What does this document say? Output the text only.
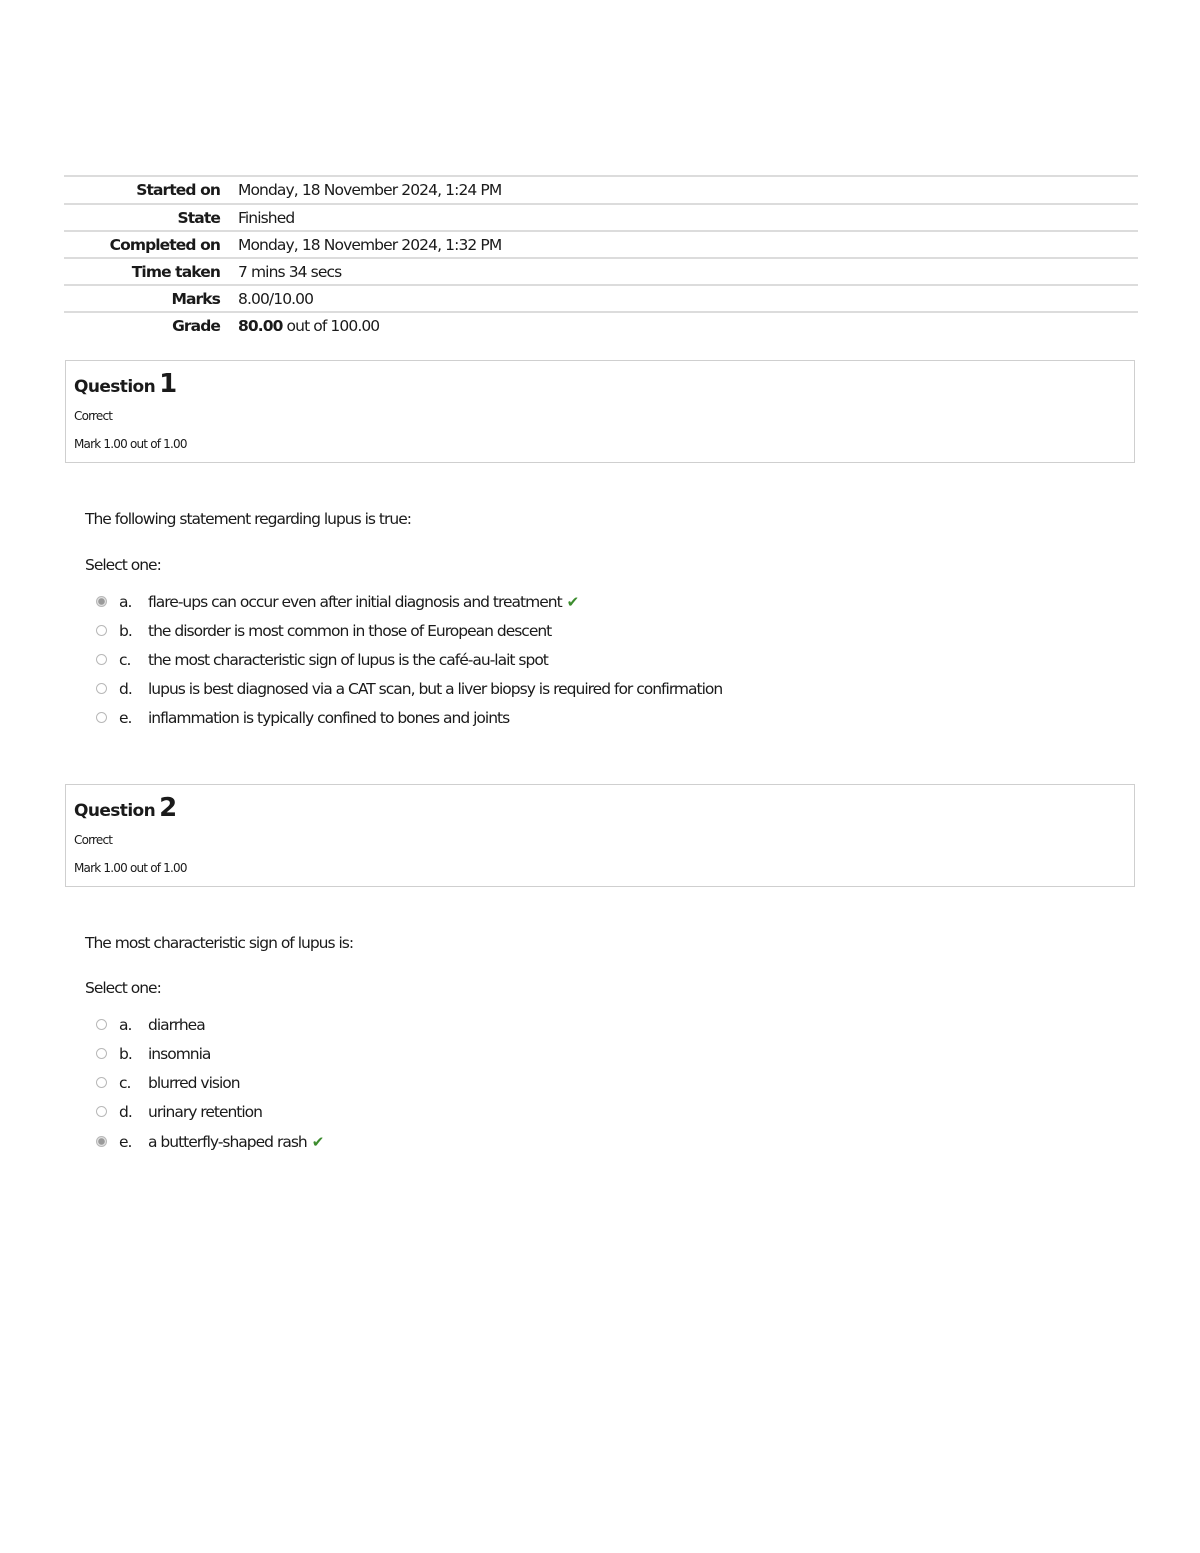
Started on	Monday, 18 November 2024, 1:24 PM
State	Finished
Completed on	Monday, 18 November 2024, 1:32 PM
Time taken	7 mins 34 secs
Marks	8.00/10.00
Grade	80.00 out of 100.00
Question 1
Correct
Mark 1.00 out of 1.00
The following statement regarding lupus is true:
Select one:
a. flare-ups can occur even after initial diagnosis and treatment ✔
b. the disorder is most common in those of European descent
c. the most characteristic sign of lupus is the café-au-lait spot
d. lupus is best diagnosed via a CAT scan, but a liver biopsy is required for confirmation
e. inflammation is typically confined to bones and joints
Question 2
Correct
Mark 1.00 out of 1.00
The most characteristic sign of lupus is:
Select one:
a. diarrhea
b. insomnia
c. blurred vision
d. urinary retention
e. a butterfly-shaped rash ✔
